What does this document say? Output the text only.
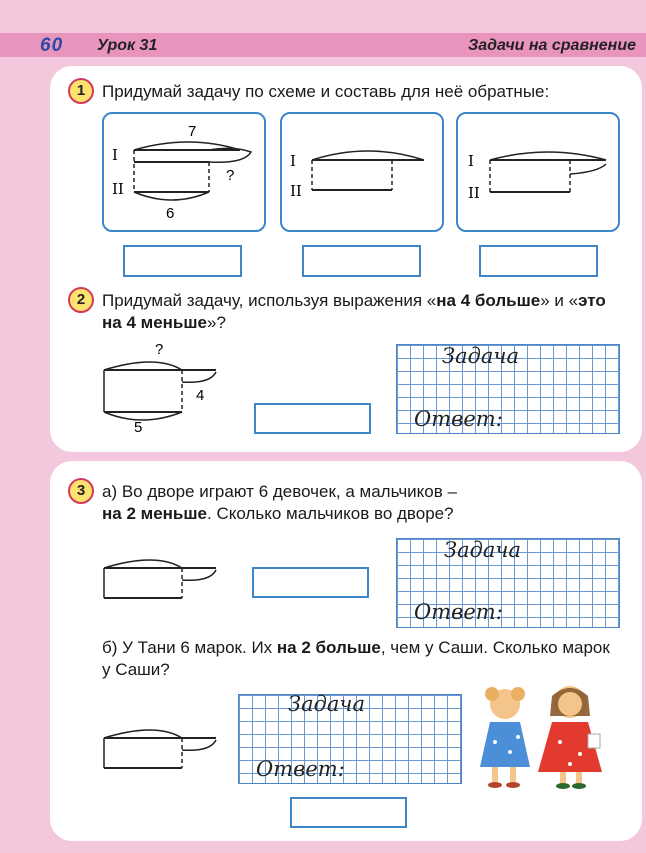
60 Урок 31	Задачи на сравнение
1 Придумай задачу по схеме и составь для неё обратные:
I
II
7
6
?
I
II
I
II
2 Придумай задачу, используя выражения «на 4 больше» и «это на 4 меньше»?
?
4
5
Задача
Ответ:
3 а) Во дворе играют 6 девочек, а мальчиков –
на 2 меньше. Сколько мальчиков во дворе?
Задача
Ответ:
б) У Тани 6 марок. Их на 2 больше, чем у Саши. Сколько марок у Саши?
Задача
Ответ:
